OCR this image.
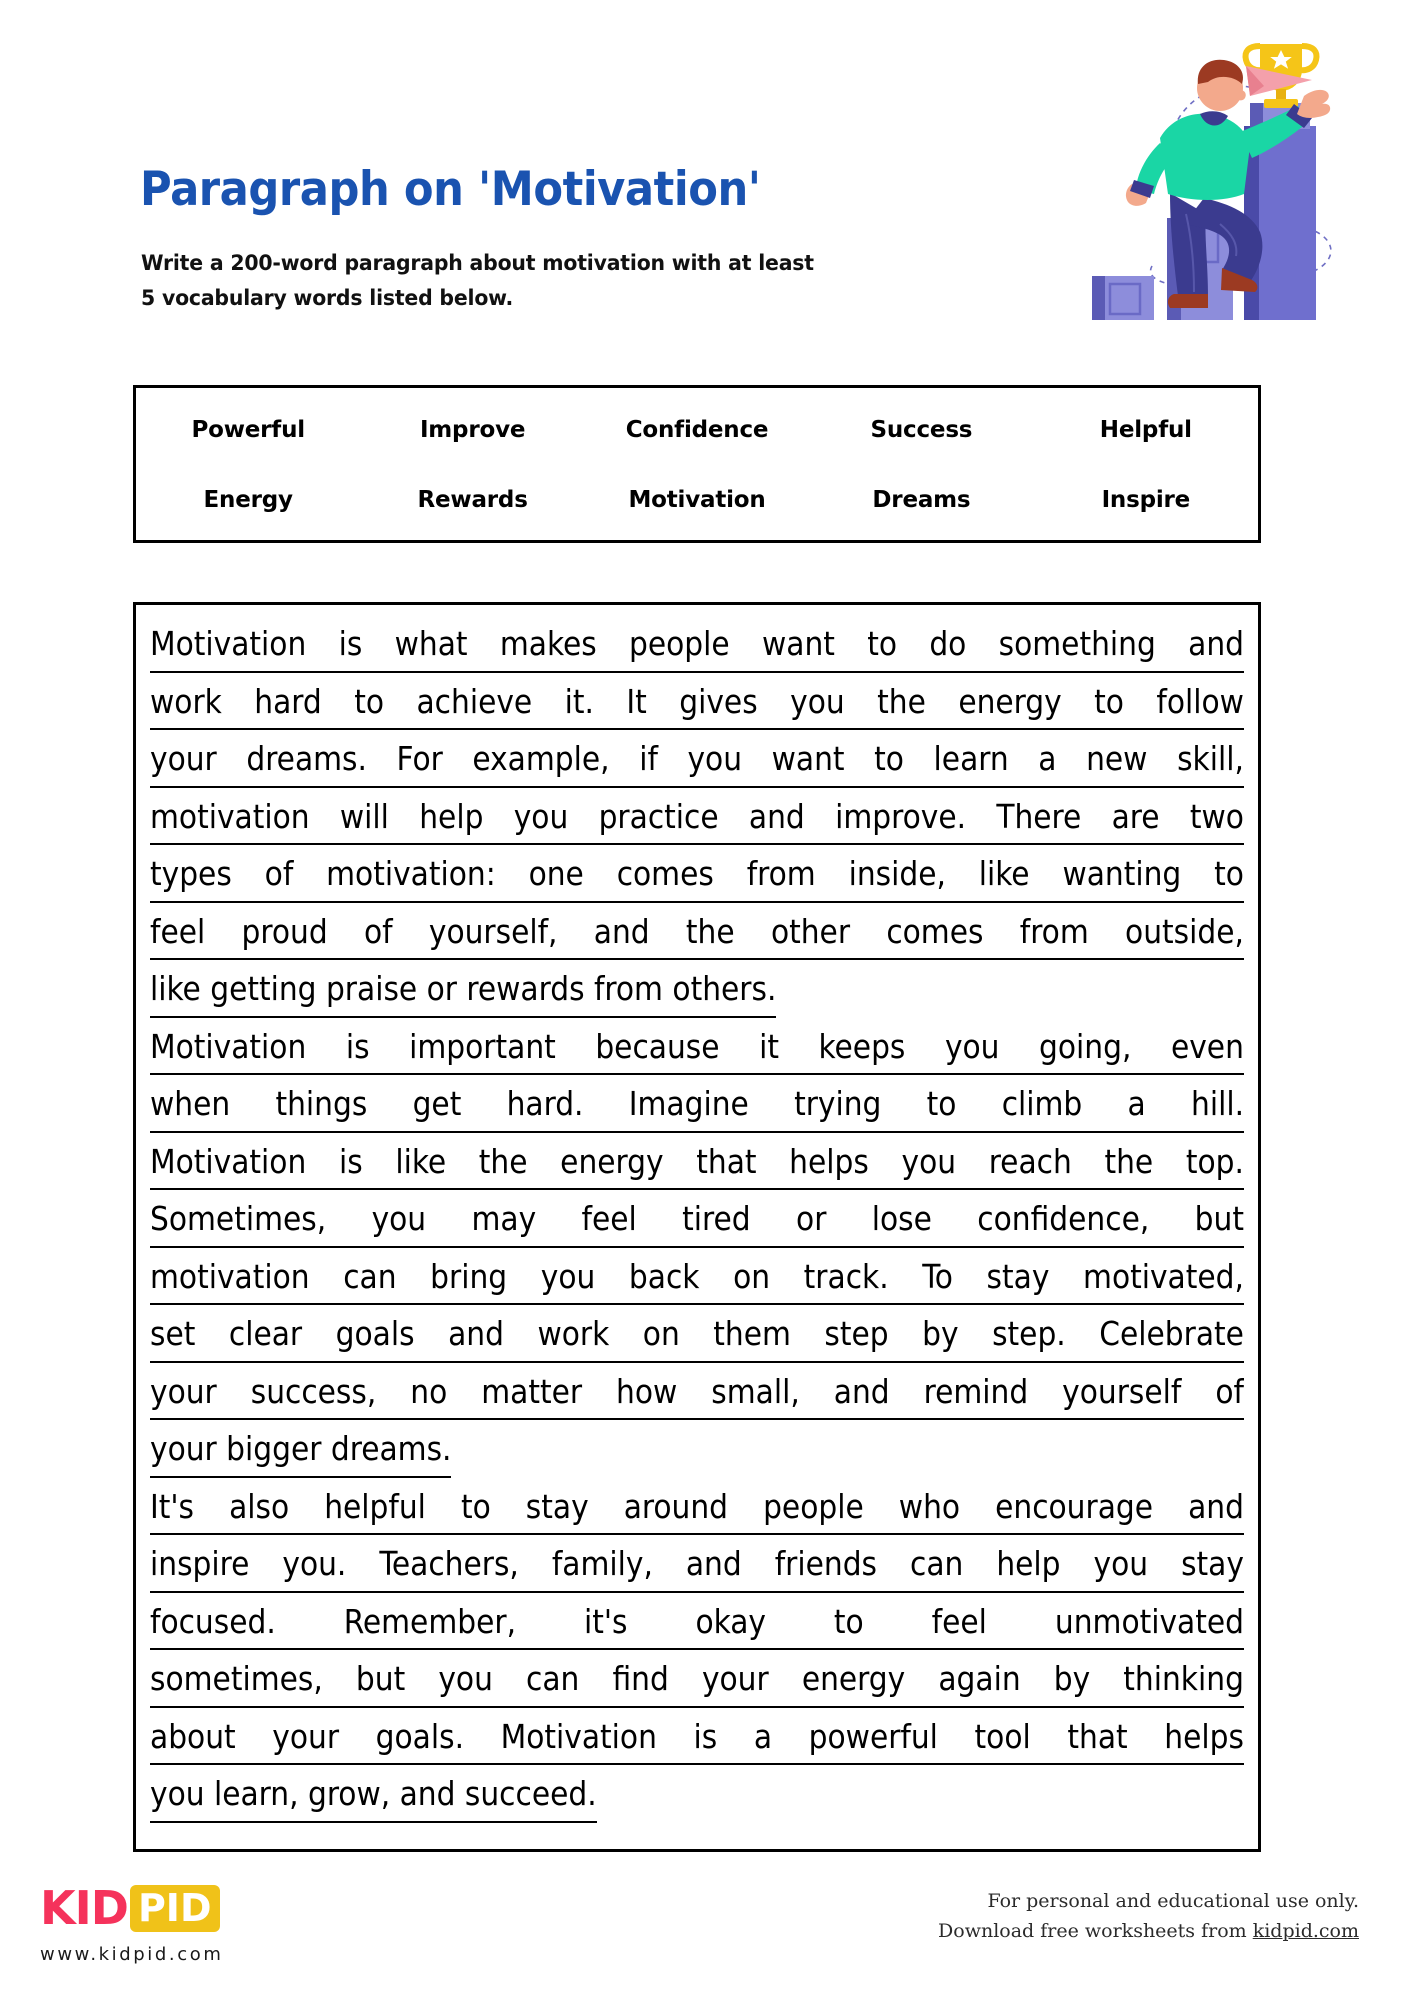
Paragraph on 'Motivation'
Write a 200-word paragraph about motivation with at least
5 vocabulary words listed below.
Powerful	Improve	Confidence	Success	Helpful
Energy	Rewards	Motivation	Dreams	Inspire
Motivation is what makes people want to do something and
work hard to achieve it. It gives you the energy to follow
your dreams. For example, if you want to learn a new skill,
motivation will help you practice and improve. There are two
types of motivation: one comes from inside, like wanting to
feel proud of yourself, and the other comes from outside,
like getting praise or rewards from others.
Motivation is important because it keeps you going, even
when things get hard. Imagine trying to climb a hill.
Motivation is like the energy that helps you reach the top.
Sometimes, you may feel tired or lose confidence, but
motivation can bring you back on track. To stay motivated,
set clear goals and work on them step by step. Celebrate
your success, no matter how small, and remind yourself of
your bigger dreams.
It's also helpful to stay around people who encourage and
inspire you. Teachers, family, and friends can help you stay
focused. Remember, it's okay to feel unmotivated
sometimes, but you can find your energy again by thinking
about your goals. Motivation is a powerful tool that helps
you learn, grow, and succeed.
KID PID
www.kidpid.com
For personal and educational use only.
Download free worksheets from kidpid.com
